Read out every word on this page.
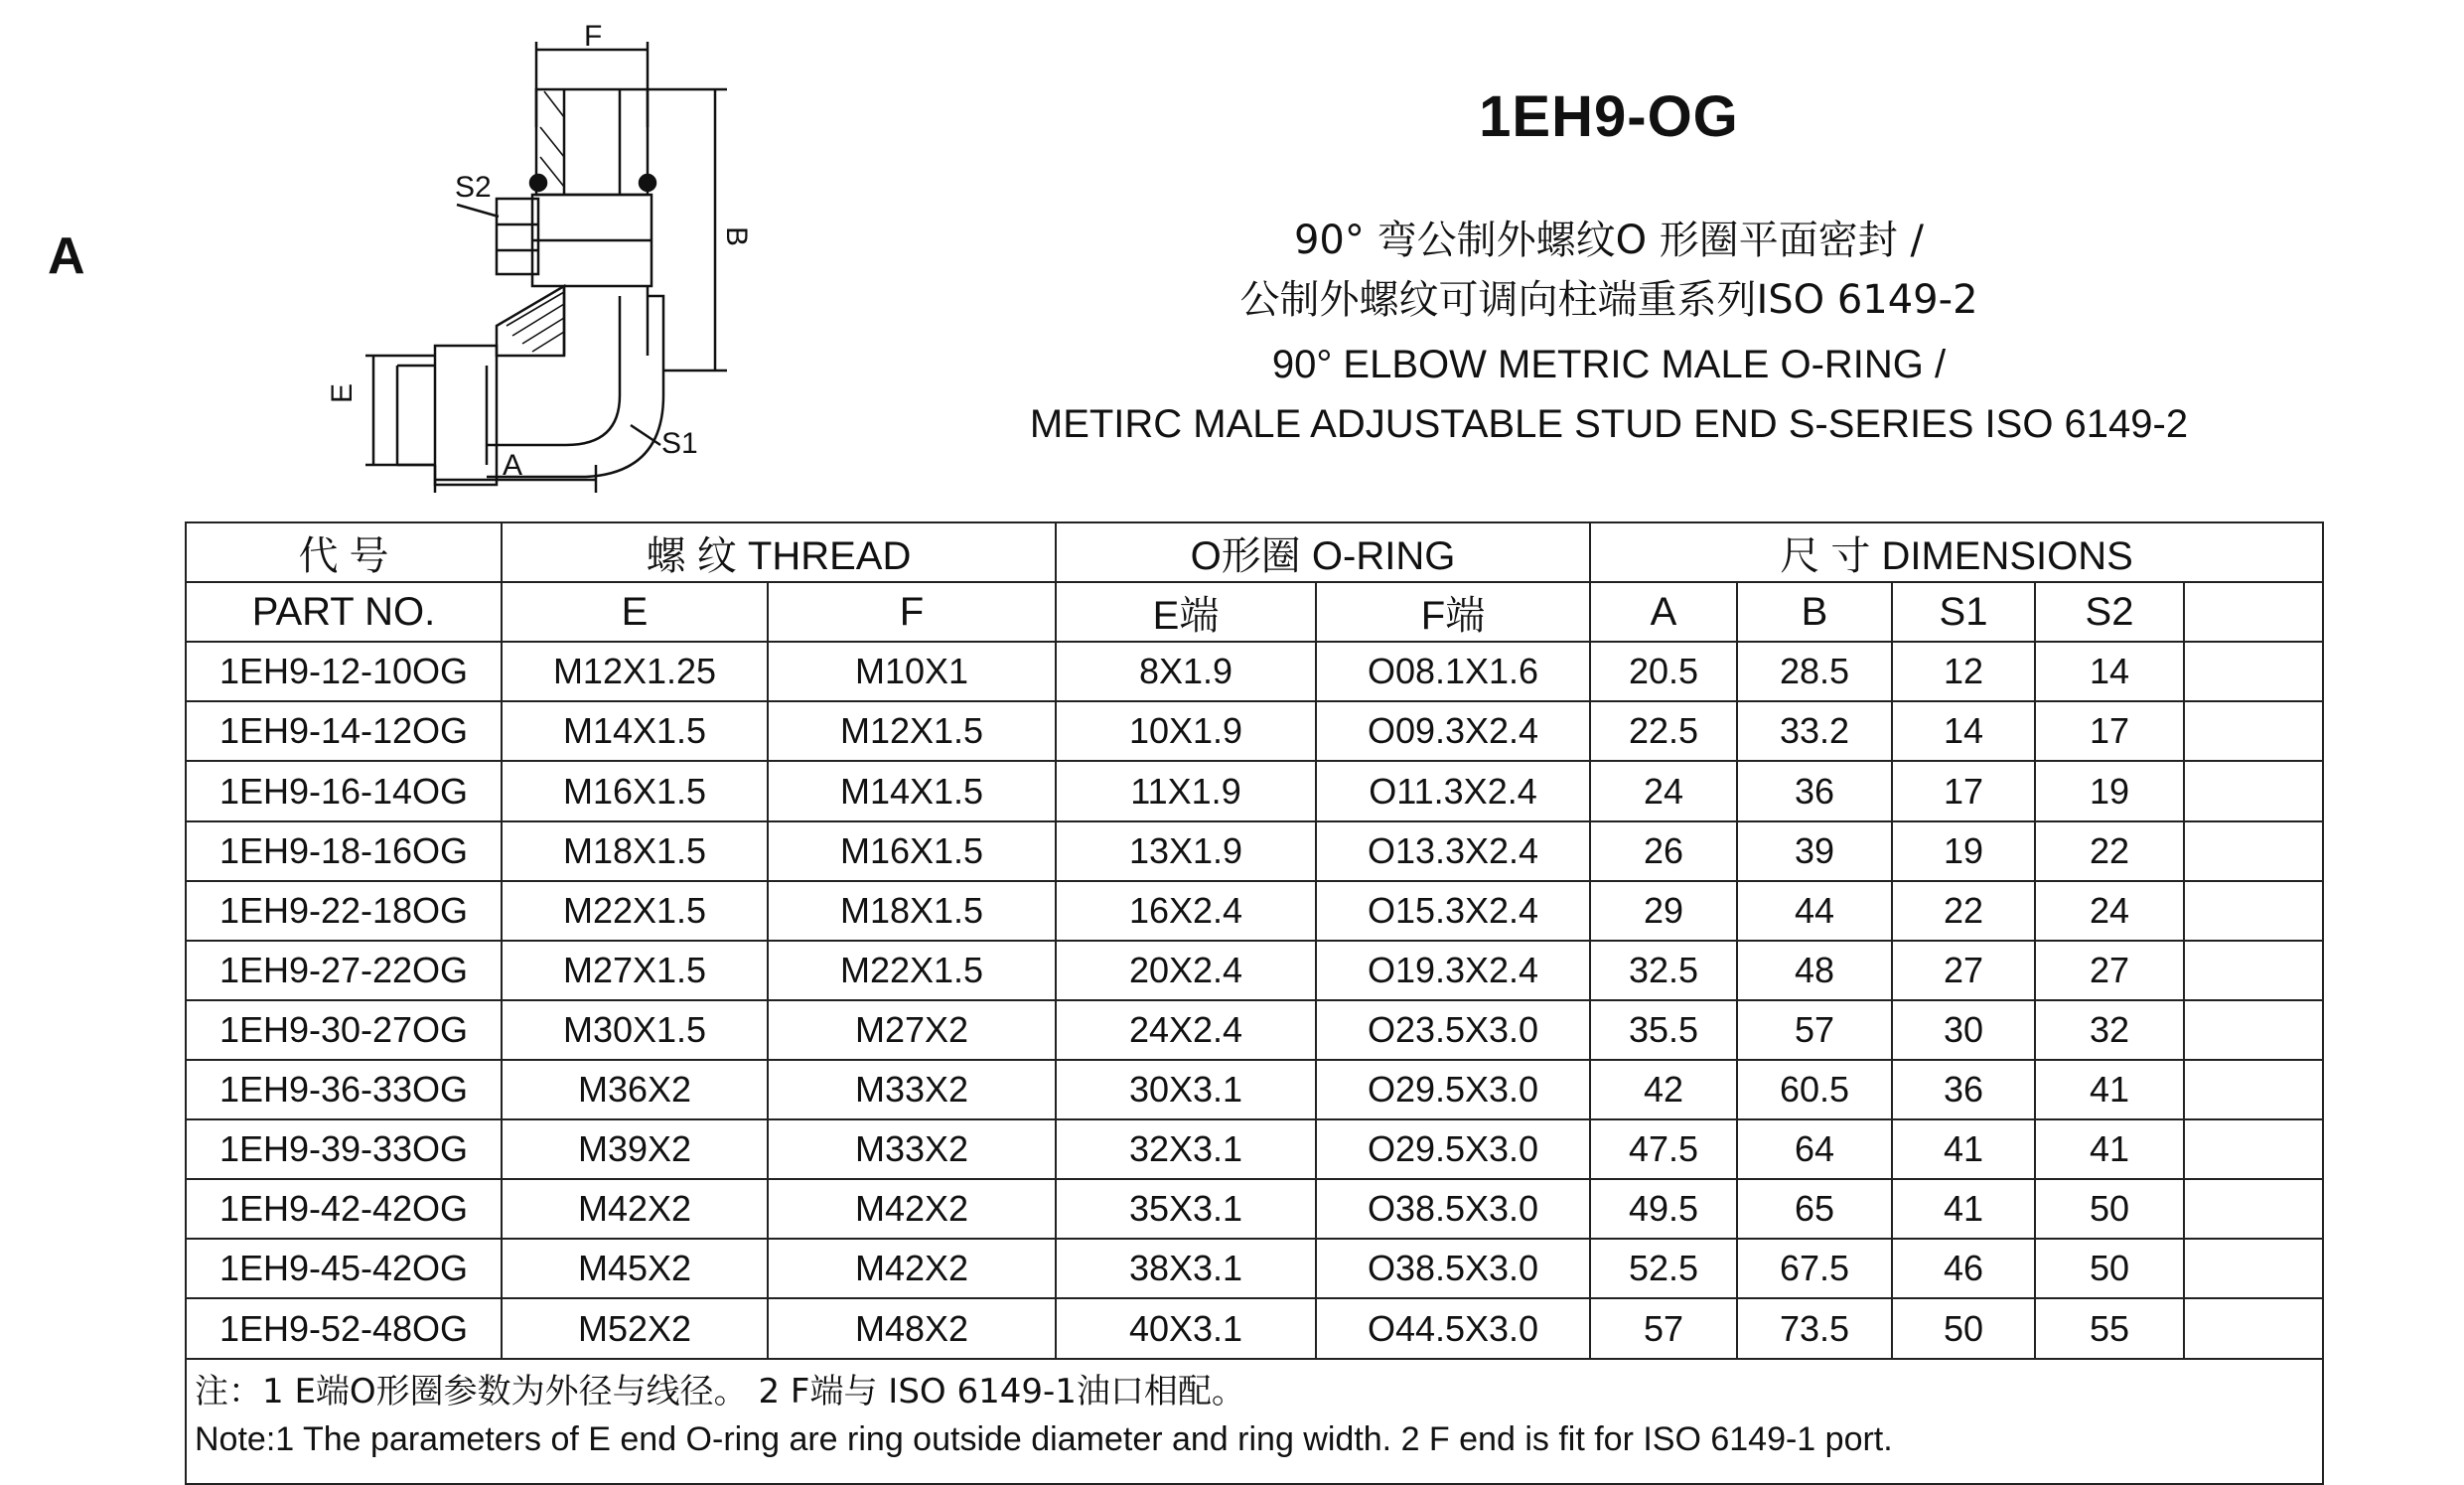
A
F
S2
B
E
A
S1
1EH9-OG
90° 弯公制外螺纹O 形圈平面密封 /
公制外螺纹可调向柱端重系列ISO 6149-2
90° ELBOW METRIC MALE O-RING /
METIRC MALE ADJUSTABLE STUD END S-SERIES ISO 6149-2
代 号	螺 纹 THREAD		O形圈 O-RING		尺 寸 DIMENSIONS				
PART NO.	E	F	E端	F端	A	B	S1	S2	
1EH9-12-10OG	M12X1.25	M10X1	8X1.9	O08.1X1.6	20.5	28.5	12	14	
1EH9-14-12OG	M14X1.5	M12X1.5	10X1.9	O09.3X2.4	22.5	33.2	14	17	
1EH9-16-14OG	M16X1.5	M14X1.5	11X1.9	O11.3X2.4	24	36	17	19	
1EH9-18-16OG	M18X1.5	M16X1.5	13X1.9	O13.3X2.4	26	39	19	22	
1EH9-22-18OG	M22X1.5	M18X1.5	16X2.4	O15.3X2.4	29	44	22	24	
1EH9-27-22OG	M27X1.5	M22X1.5	20X2.4	O19.3X2.4	32.5	48	27	27	
1EH9-30-27OG	M30X1.5	M27X2	24X2.4	O23.5X3.0	35.5	57	30	32	
1EH9-36-33OG	M36X2	M33X2	30X3.1	O29.5X3.0	42	60.5	36	41	
1EH9-39-33OG	M39X2	M33X2	32X3.1	O29.5X3.0	47.5	64	41	41	
1EH9-42-42OG	M42X2	M42X2	35X3.1	O38.5X3.0	49.5	65	41	50	
1EH9-45-42OG	M45X2	M42X2	38X3.1	O38.5X3.0	52.5	67.5	46	50	
1EH9-52-48OG	M52X2	M48X2	40X3.1	O44.5X3.0	57	73.5	50	55	

注：1 E端O形圈参数为外径与线径。 2 F端与 ISO 6149-1油口相配。
Note:1 The parameters of E end O-ring are ring outside diameter and ring width. 2 F end is fit for ISO 6149-1 port.									
